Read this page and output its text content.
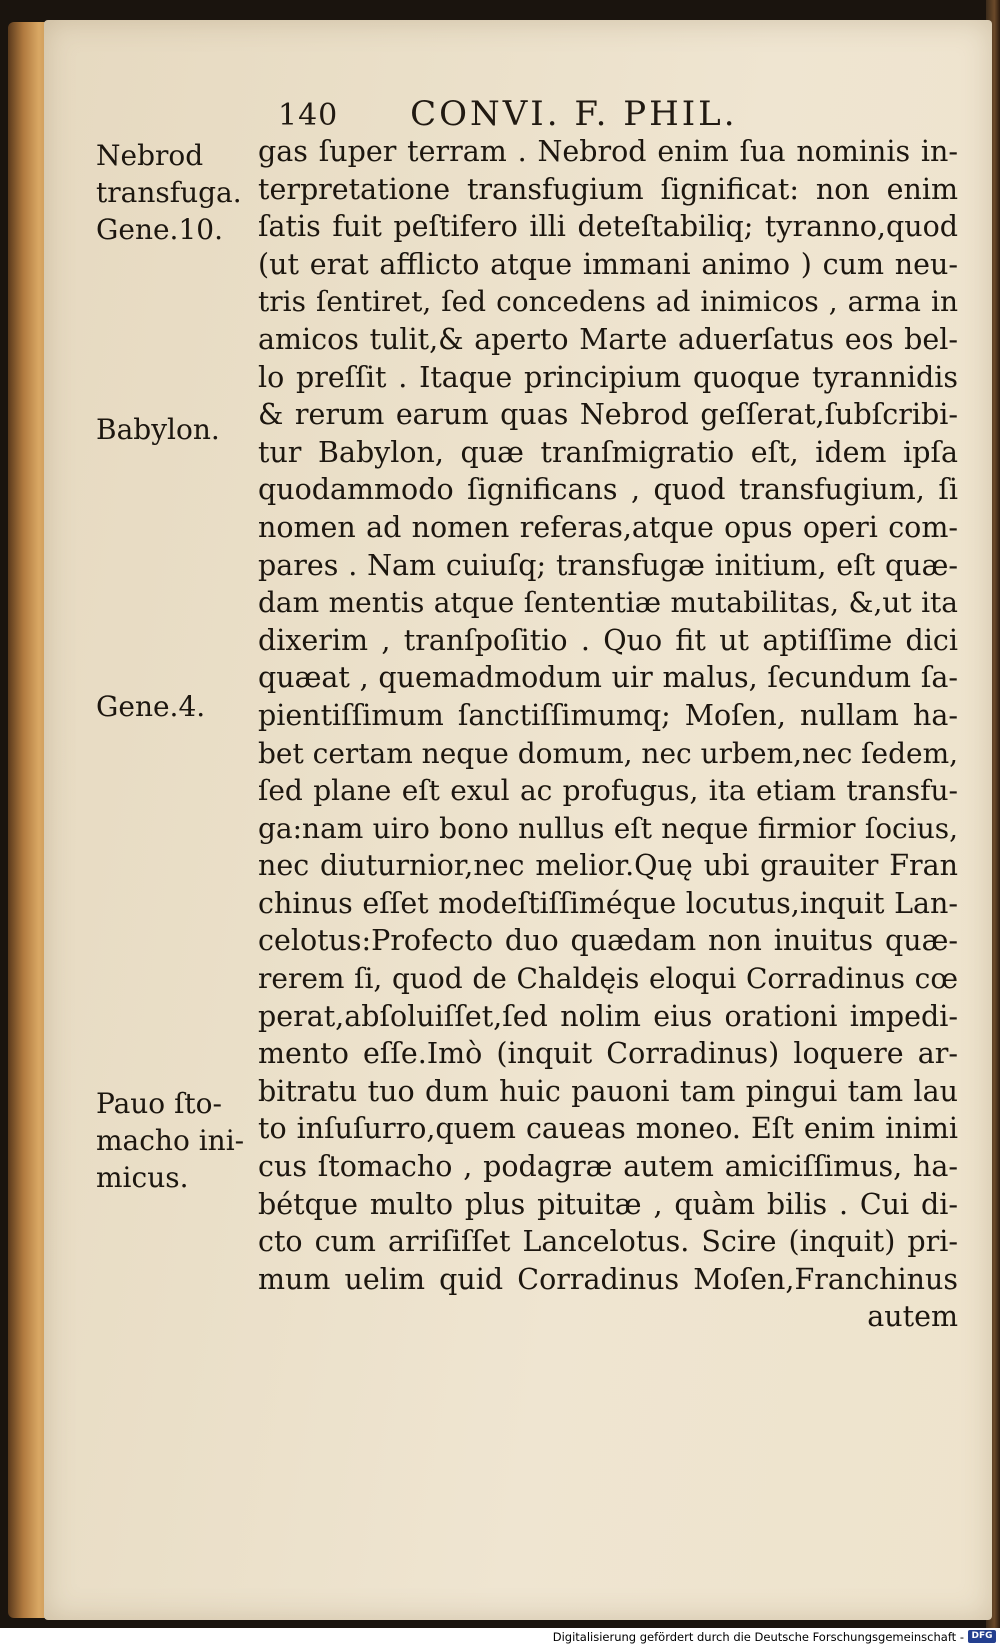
140 CONVI. F. PHIL.
gas ſuper terram . Nebrod enim ſua nominis in-
terpretatione transfugium ſignificat: non enim
ſatis fuit peſtifero illi deteſtabiliq; tyranno,quod
(ut erat afflicto atque immani animo ) cum neu-
tris ſentiret, ſed concedens ad inimicos , arma in
amicos tulit,& aperto Marte aduerſatus eos bel-
lo preſſit . Itaque principium quoque tyrannidis
& rerum earum quas Nebrod geſſerat,ſubſcribi-
tur Babylon, quæ tranſmigratio eſt, idem ipſa
quodammodo ſignificans , quod transfugium, ſi
nomen ad nomen referas,atque opus operi com-
pares . Nam cuiuſq; transfugæ initium, eſt quæ-
dam mentis atque ſententiæ mutabilitas, &,ut ita
dixerim , tranſpoſitio . Quo fit ut aptiſſime dici
quæat , quemadmodum uir malus, ſecundum ſa-
pientiſſimum ſanctiſſimumq; Moſen, nullam ha-
bet certam neque domum, nec urbem,nec ſedem,
ſed plane eſt exul ac profugus, ita etiam transfu-
ga:nam uiro bono nullus eſt neque firmior ſocius,
nec diuturnior,nec melior.Quę ubi grauiter Fran
chinus eſſet modeſtiſſiméque locutus,inquit Lan-
celotus:Profecto duo quædam non inuitus quæ-
rerem ſi, quod de Chaldęis eloqui Corradinus cœ
perat,abſoluiſſet,ſed nolim eius orationi impedi-
mento eſſe.Imò (inquit Corradinus) loquere ar-
bitratu tuo dum huic pauoni tam pingui tam lau
to inſuſurro,quem caueas moneo. Eſt enim inimi
cus ſtomacho , podagræ autem amiciſſimus, ha-
bétque multo plus pituitæ , quàm bilis . Cui di-
cto cum arriſiſſet Lancelotus. Scire (inquit) pri-
mum uelim quid Corradinus Moſen,Franchinus
autem
Nebrod
transfuga.
Gene.10.
Babylon.
Gene.4.
Pauo ſto-
macho ini-
micus.
Digitalisierung gefördert durch die Deutsche Forschungsgemeinschaft - DFG
